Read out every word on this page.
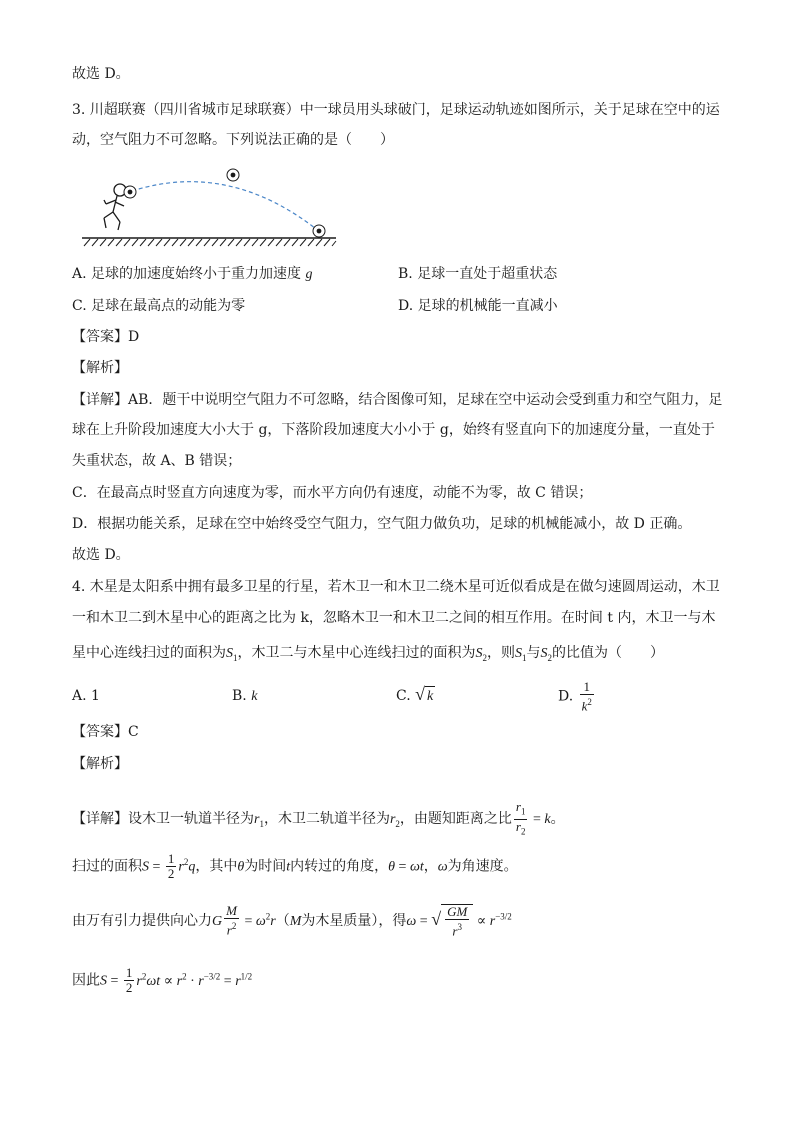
故选 D。
3. 川超联赛（四川省城市足球联赛）中一球员用头球破门，足球运动轨迹如图所示，关于足球在空中的运
动，空气阻力不可忽略。下列说法正确的是（　　）
A. 足球的加速度始终小于重力加速度 g	B. 足球一直处于超重状态
C. 足球在最高点的动能为零	D. 足球的机械能一直减小
【答案】D
【解析】
【详解】AB．题干中说明空气阻力不可忽略，结合图像可知，足球在空中运动会受到重力和空气阻力，足
球在上升阶段加速度大小大于 g，下落阶段加速度大小小于 g，始终有竖直向下的加速度分量，一直处于
失重状态，故 A、B 错误；
C．在最高点时竖直方向速度为零，而水平方向仍有速度，动能不为零，故 C 错误；
D．根据功能关系，足球在空中始终受空气阻力，空气阻力做负功，足球的机械能减小，故 D 正确。
故选 D。
4. 木星是太阳系中拥有最多卫星的行星，若木卫一和木卫二绕木星可近似看成是在做匀速圆周运动，木卫
一和木卫二到木星中心的距离之比为 k，忽略木卫一和木卫二之间的相互作用。在时间 t 内，木卫一与木
星中心连线扫过的面积为$S_1$，木卫二与木星中心连线扫过的面积为$S_2$，则$S_1$与$S_2$的比值为（　　）
A. 1	B. k	C. √ k	D. $\frac{1}{k^2}$
【答案】C
【解析】
【详解】设木卫一轨道半径为$r_1$，木卫二轨道半径为$r_2$，由题知距离之比 $\frac{r_1}{r_2} = k$。
扫过的面积$S = \frac{1}{2} r^2q$，其中θ为时间t内转过的角度，θ = ωt，ω为角速度。
由万有引力提供向心力G $\frac{M}{r^2} = \omega^2r(M$为木星质量），得ω = √ $\frac{GM}{r^3} \propto r^{-3/2}$
因此$S = \frac{1}{2} r^2\omega t \propto r^2 \cdot r^{-3/2} = r^{1/2}$
